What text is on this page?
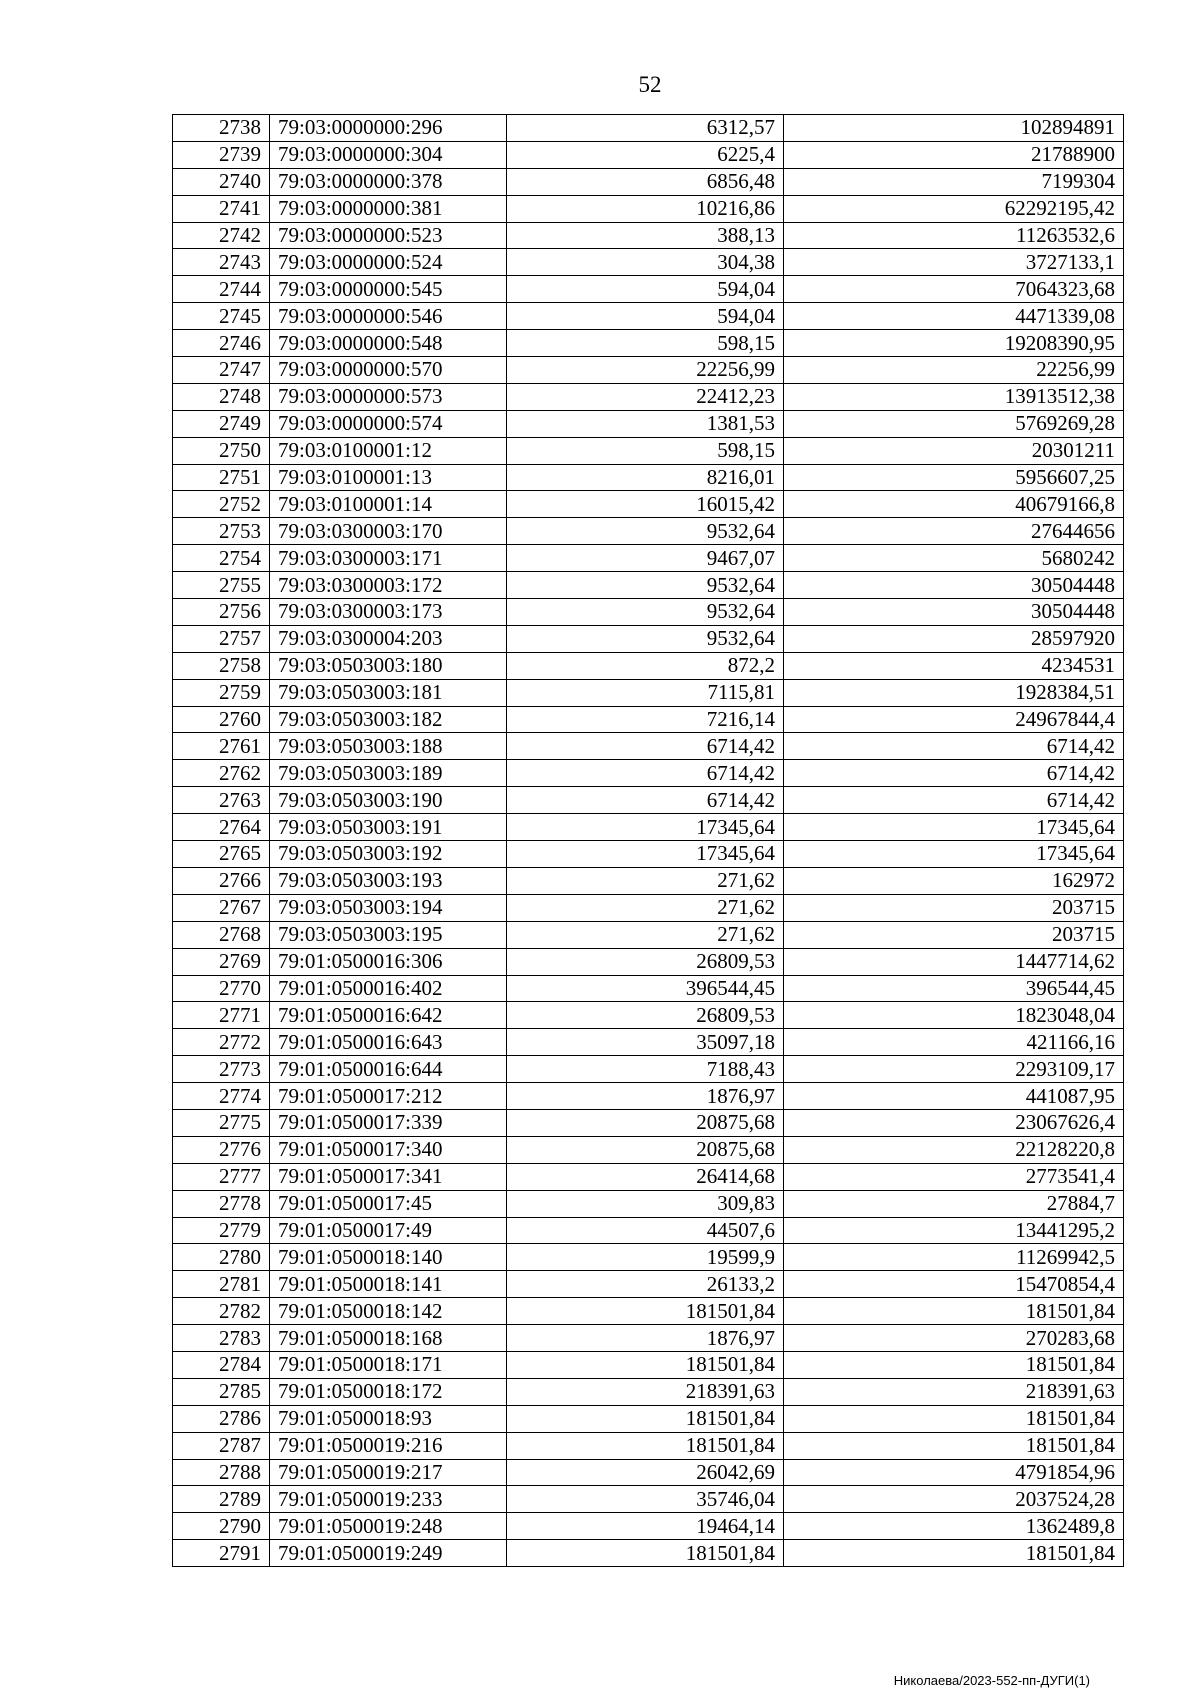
52
2738	79:03:0000000:296	6312,57	102894891
2739	79:03:0000000:304	6225,4	21788900
2740	79:03:0000000:378	6856,48	7199304
2741	79:03:0000000:381	10216,86	62292195,42
2742	79:03:0000000:523	388,13	11263532,6
2743	79:03:0000000:524	304,38	3727133,1
2744	79:03:0000000:545	594,04	7064323,68
2745	79:03:0000000:546	594,04	4471339,08
2746	79:03:0000000:548	598,15	19208390,95
2747	79:03:0000000:570	22256,99	22256,99
2748	79:03:0000000:573	22412,23	13913512,38
2749	79:03:0000000:574	1381,53	5769269,28
2750	79:03:0100001:12	598,15	20301211
2751	79:03:0100001:13	8216,01	5956607,25
2752	79:03:0100001:14	16015,42	40679166,8
2753	79:03:0300003:170	9532,64	27644656
2754	79:03:0300003:171	9467,07	5680242
2755	79:03:0300003:172	9532,64	30504448
2756	79:03:0300003:173	9532,64	30504448
2757	79:03:0300004:203	9532,64	28597920
2758	79:03:0503003:180	872,2	4234531
2759	79:03:0503003:181	7115,81	1928384,51
2760	79:03:0503003:182	7216,14	24967844,4
2761	79:03:0503003:188	6714,42	6714,42
2762	79:03:0503003:189	6714,42	6714,42
2763	79:03:0503003:190	6714,42	6714,42
2764	79:03:0503003:191	17345,64	17345,64
2765	79:03:0503003:192	17345,64	17345,64
2766	79:03:0503003:193	271,62	162972
2767	79:03:0503003:194	271,62	203715
2768	79:03:0503003:195	271,62	203715
2769	79:01:0500016:306	26809,53	1447714,62
2770	79:01:0500016:402	396544,45	396544,45
2771	79:01:0500016:642	26809,53	1823048,04
2772	79:01:0500016:643	35097,18	421166,16
2773	79:01:0500016:644	7188,43	2293109,17
2774	79:01:0500017:212	1876,97	441087,95
2775	79:01:0500017:339	20875,68	23067626,4
2776	79:01:0500017:340	20875,68	22128220,8
2777	79:01:0500017:341	26414,68	2773541,4
2778	79:01:0500017:45	309,83	27884,7
2779	79:01:0500017:49	44507,6	13441295,2
2780	79:01:0500018:140	19599,9	11269942,5
2781	79:01:0500018:141	26133,2	15470854,4
2782	79:01:0500018:142	181501,84	181501,84
2783	79:01:0500018:168	1876,97	270283,68
2784	79:01:0500018:171	181501,84	181501,84
2785	79:01:0500018:172	218391,63	218391,63
2786	79:01:0500018:93	181501,84	181501,84
2787	79:01:0500019:216	181501,84	181501,84
2788	79:01:0500019:217	26042,69	4791854,96
2789	79:01:0500019:233	35746,04	2037524,28
2790	79:01:0500019:248	19464,14	1362489,8
2791	79:01:0500019:249	181501,84	181501,84
Николаева/2023-552-пп-ДУГИ(1)
